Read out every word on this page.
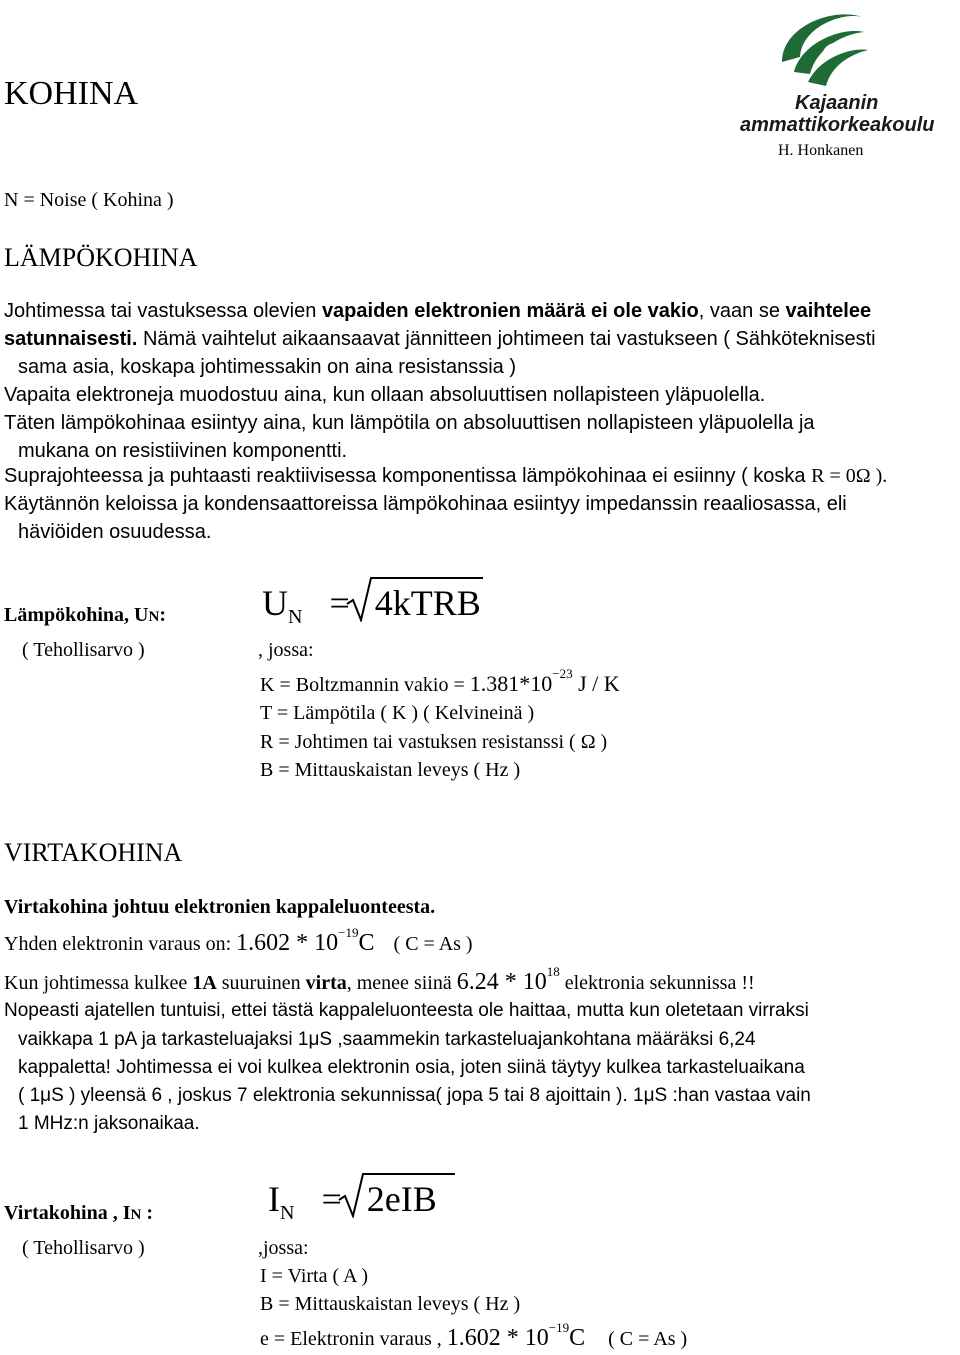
Kajaanin
ammattikorkeakoulu
H. Honkanen
KOHINA
N = Noise ( Kohina )
LÄMPÖKOHINA
Johtimessa tai vastuksessa olevien vapaiden elektronien määrä ei ole vakio, vaan se vaihtelee
satunnaisesti. Nämä vaihtelut aikaansaavat jännitteen johtimeen tai vastukseen ( Sähköteknisesti
sama asia, koskapa johtimessakin on aina resistanssia )
Vapaita elektroneja muodostuu aina, kun ollaan absoluuttisen nollapisteen yläpuolella.
Täten lämpökohinaa esiintyy aina, kun lämpötila on absoluuttisen nollapisteen yläpuolella ja
mukana on resistiivinen komponentti.
Suprajohteessa ja puhtaasti reaktiivisessa komponentissa lämpökohinaa ei esiinny ( koska R = 0Ω ).
Käytännön keloissa ja kondensaattoreissa lämpökohinaa esiintyy impedanssin reaaliosassa, eli
häviöiden osuudessa.
Lämpökohina, UN:
( Tehollisarvo )
$U_N$ = 4kTRB
, jossa:
K = Boltzmannin vakio = $1.381*10^{-23}$ J / K
T = Lämpötila ( K ) ( Kelvineinä )
R = Johtimen tai vastuksen resistanssi ( Ω )
B = Mittauskaistan leveys ( Hz )
VIRTAKOHINA
Virtakohina johtuu elektronien kappaleluonteesta.
Yhden elektronin varaus on: $1.602 * 10^{-19}C$ ( C = As )
Kun johtimessa kulkee 1A suuruinen virta, menee siinä $6.24 * 10^{18}$ elektronia sekunnissa !!
Nopeasti ajatellen tuntuisi, ettei tästä kappaleluonteesta ole haittaa, mutta kun oletetaan virraksi
vaikkapa 1 pA ja tarkasteluajaksi 1μS ,saammekin tarkasteluajankohtana määräksi 6,24
kappaletta! Johtimessa ei voi kulkea elektronin osia, joten siinä täytyy kulkea tarkasteluaikana
( 1μS ) yleensä 6 , joskus 7 elektronia sekunnissa( jopa 5 tai 8 ajoittain ). 1μS :han vastaa vain
1 MHz:n jaksonaikaa.
Virtakohina , IN :
( Tehollisarvo )
$I_N = 2eIB$
,jossa:
I = Virta ( A )
B = Mittauskaistan leveys ( Hz )
e = Elektronin varaus , $1.602 * 10^{-19}C$ ( C = As )
